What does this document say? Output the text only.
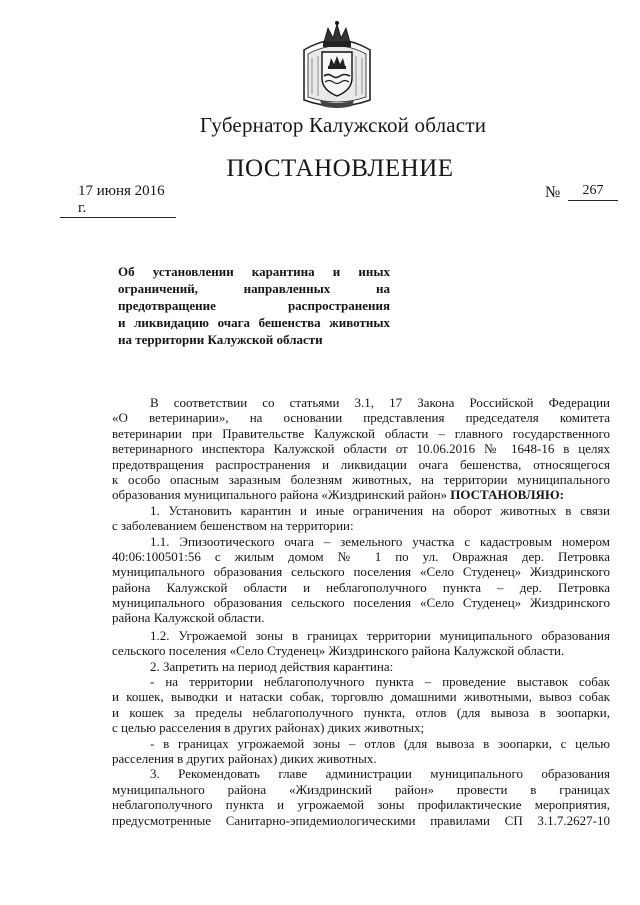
Губернатор Калужской области
ПОСТАНОВЛЕНИЕ
17 июня 2016 г.
№	267
Об установлении карантина и иных
ограничений, направленных на
предотвращение распространения
и ликвидацию очага бешенства животных
на территории Калужской области
В соответствии со статьями 3.1, 17 Закона Российской Федерации
«О ветеринарии», на основании представления председателя комитета
ветеринарии при Правительстве Калужской области – главного государственного
ветеринарного инспектора Калужской области от 10.06.2016 № 1648-16 в целях
предотвращения распространения и ликвидации очага бешенства, относящегося
к особо опасным заразным болезням животных, на территории муниципального
образования муниципального района «Жиздринский район» ПОСТАНОВЛЯЮ:
1. Установить карантин и иные ограничения на оборот животных в связи
с заболеванием бешенством на территории:
1.1. Эпизоотического очага – земельного участка с кадастровым номером
40:06:100501:56 с жилым домом № 1 по ул. Овражная дер. Петровка
муниципального образования сельского поселения «Село Студенец» Жиздринского
района Калужской области и неблагополучного пункта – дер. Петровка
муниципального образования сельского поселения «Село Студенец» Жиздринского
района Калужской области.
1.2. Угрожаемой зоны в границах территории муниципального образования
сельского поселения «Село Студенец» Жиздринского района Калужской области.
2. Запретить на период действия карантина:
- на территории неблагополучного пункта – проведение выставок собак
и кошек, выводки и натаски собак, торговлю домашними животными, вывоз собак
и кошек за пределы неблагополучного пункта, отлов (для вывоза в зоопарки,
с целью расселения в других районах) диких животных;
- в границах угрожаемой зоны – отлов (для вывоза в зоопарки, с целью
расселения в других районах) диких животных.
3. Рекомендовать главе администрации муниципального образования
муниципального района «Жиздринский район» провести в границах
неблагополучного пункта и угрожаемой зоны профилактические мероприятия,
предусмотренные Санитарно-эпидемиологическими правилами СП 3.1.7.2627-10
